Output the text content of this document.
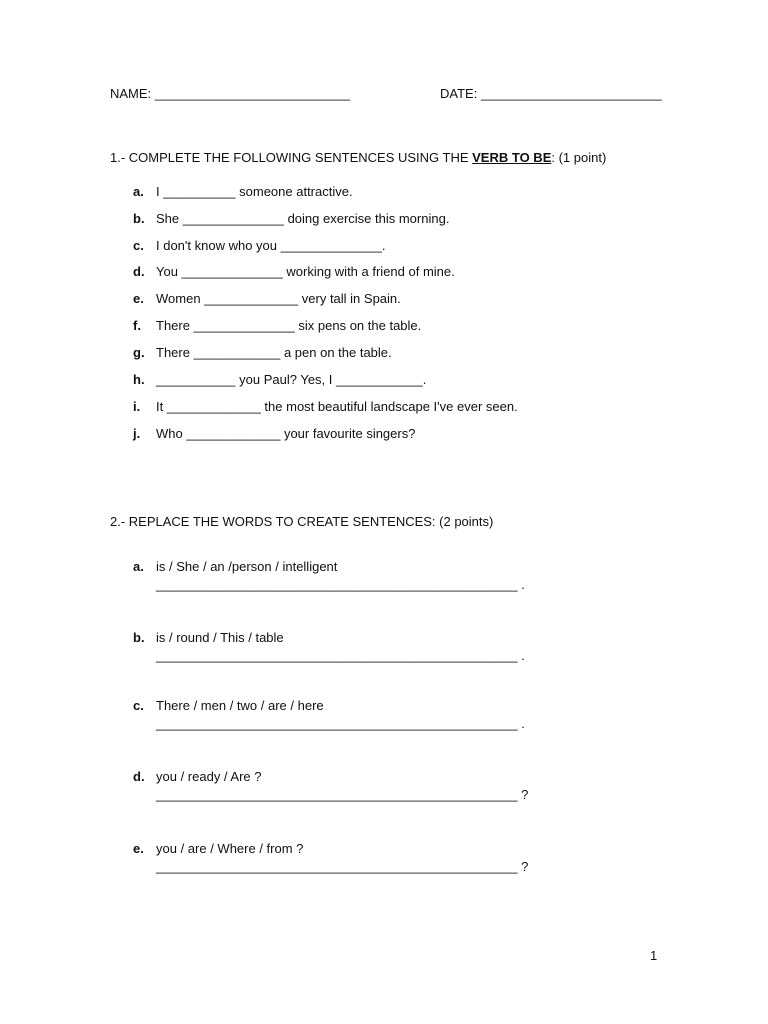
NAME: ___________________________

	DATE: _________________________

1.- COMPLETE THE FOLLOWING SENTENCES USING THE VERB TO BE: (1 point)
a. I __________ someone attractive.
b. She ______________ doing exercise this morning.
c. I don't know who you ______________.
d. You ______________ working with a friend of mine.
e. Women _____________ very tall in Spain.
f. There ______________ six pens on the table.
g. There ____________ a pen on the table.
h. ___________ you Paul? Yes, I ____________.
i. It _____________ the most beautiful landscape I've ever seen.
j. Who _____________ your favourite singers?
2.- REPLACE THE WORDS TO CREATE SENTENCES: (2 points)
a. is / She / an /person / intelligent
__________________________________________________ .
b. is / round / This / table
__________________________________________________ .
c. There / men / two / are / here
__________________________________________________ .
d. you / ready / Are ?
__________________________________________________ ?
e. you / are / Where / from ?
__________________________________________________ ?
1
